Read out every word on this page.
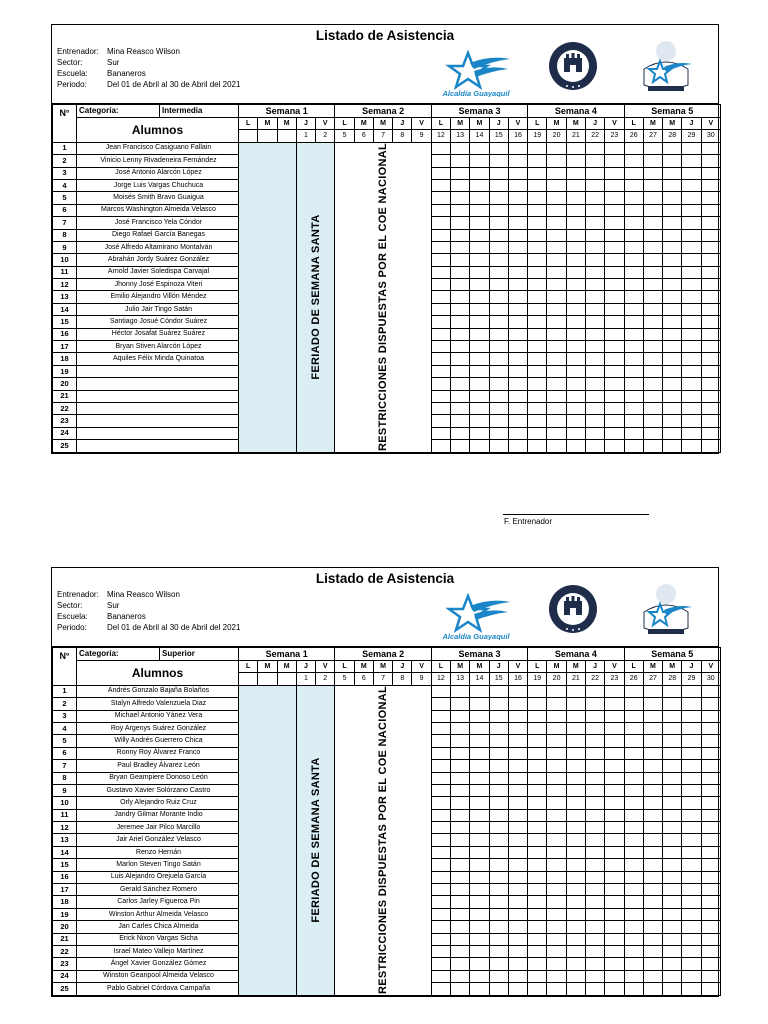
Listado de Asistencia
Entrenador: Mina Reasco Wilson
Sector:	Sur
Escuela: Bananeros
Periodo:	Del 01 de Abril al 30 de Abril del 2021
Alcaldía Guayaquil
N°	Categoría: Intermedia	Semana 1					Semana 2					Semana 3					Semana 4					Semana 5				
	Alumnos	L	M	M	J	V	L	M	M	J	V	L	M	M	J	V	L	M	M	J	V	L	M	M	J	V
					1	2	5	6	7	8	9	12	13	14	15	16	19	20	21	22	23	26	27	28	29	30
1	Jean Francisco Casiguano Fallain				FERIADO DE SEMANA SANTA		RESTRICCIONES DISPUESTAS POR EL COE NACIONAL																			

2	Vinicio Lenny Rivadeneira Fernández																									
3	José Antonio Alarcón López																									
4	Jorge Luis Vargas Chuchuca																									
5	Moisés Smith Bravo Guaigua																									
6	Marcos Washington Almeida Velasco																									
7	José Francisco Yela Cóndor																									
8	Diego Rafael García Banegas																									
9	José Alfredo Altamirano Montalván																									
10	Abrahán Jordy Suárez González																									
11	Arnold Javier Soledispa Carvajal																									
12	Jhonny José Espinoza Viteri																									
13	Emilio Alejandro Villón Méndez																									
14	Julio Jair Tingo Satán																									
15	Santiago Josué Cóndor Suárez																									
16	Héctor Josafat Suárez Suárez																									
17	Bryan Stiven Alarcón López																									
18	Aquiles Félix Minda Quinatoa																									
19																										
20																										
21																										
22																										
23																										
24																										
25																										
F. Entrenador
Listado de Asistencia
Entrenador: Mina Reasco Wilson
Sector:	Sur
Escuela: Bananeros
Periodo:	Del 01 de Abril al 30 de Abril del 2021
Alcaldía Guayaquil
N°	Categoría: Superior	Semana 1					Semana 2					Semana 3					Semana 4					Semana 5				
	Alumnos	L	M	M	J	V	L	M	M	J	V	L	M	M	J	V	L	M	M	J	V	L	M	M	J	V
					1	2	5	6	7	8	9	12	13	14	15	16	19	20	21	22	23	26	27	28	29	30
1	Andrés Gonzalo Bajaña Bolaños				FERIADO DE SEMANA SANTA		RESTRICCIONES DISPUESTAS POR EL COE NACIONAL																			

2	Stalyn Alfredo Valenzuela Diaz																									
3	Michael Antonio Yánez Vera																									
4	Roy Argenys Suárez González																									
5	Willy Andrés Guerrero Chica																									
6	Ronny Roy Álvarez Franco																									
7	Paul Bradley Álvarez León																									
8	Bryan Geampiere Donoso León																									
9	Gustavo Xavier Solórzano Castro																									
10	Orly Alejandro Ruiz Cruz																									
11	Jandry Gilmar Morante Indio																									
12	Jeremee Jair Pilco Marcillo																									
13	Jair Ariel González Velasco																									
14	Renzo Hernán																									
15	Marlon Steven Tingo Satán																									
16	Luis Alejandro Orejuela García																									
17	Gerald Sánchez Romero																									
18	Carlos Jarley Figueroa Pin																									
19	Winston Arthur Almeida Velasco																									
20	Jan Carles Chica Almeida																									
21	Erick Nixon Vargas Sicha																									
22	Israel Mateo Vallejo Martínez																									
23	Ángel Xavier González Gómez																									
24	Winston Geanpool Almeida Velasco																									
25	Pablo Gabriel Córdova Campaña																									
